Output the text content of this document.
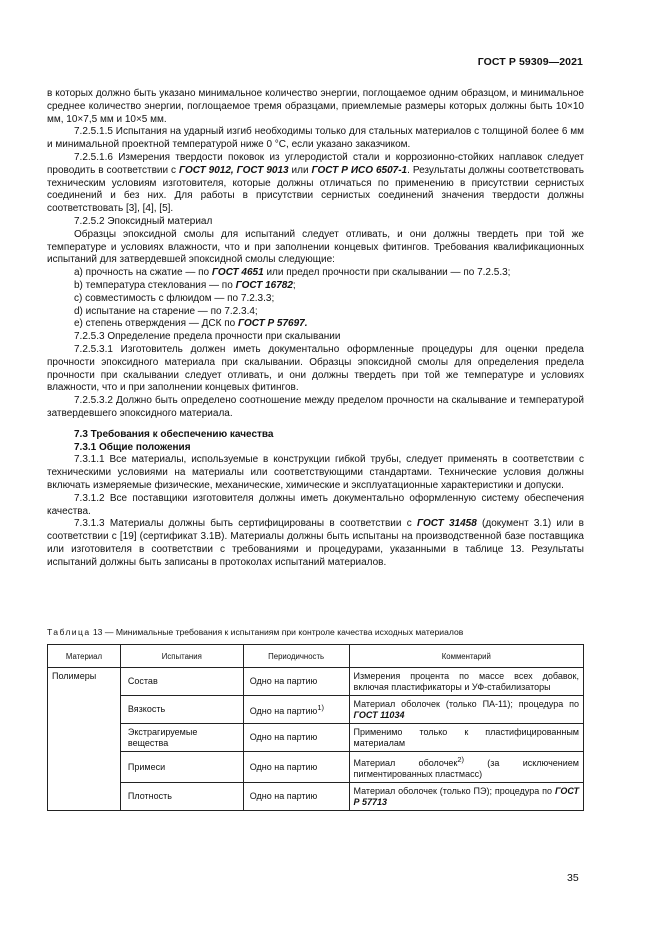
ГОСТ Р 59309—2021

в которых должно быть указано минимальное количество энергии, поглощаемое одним образцом, и минимальное среднее количество энергии, поглощаемое тремя образцами, приемлемые размеры которых должны быть 10×10 мм, 10×7,5 мм и 10×5 мм.

7.2.5.1.5 Испытания на ударный изгиб необходимы только для стальных материалов с толщиной более 6 мм и минимальной проектной температурой ниже 0 °С, если указано заказчиком.

7.2.5.1.6 Измерения твердости поковок из углеродистой стали и коррозионно-стойких наплавок следует проводить в соответствии с ГОСТ 9012, ГОСТ 9013 или ГОСТ Р ИСО 6507-1. Результаты должны соответствовать техническим условиям изготовителя, которые должны отличаться по применению в присутствии сернистых соединений и без них. Для работы в присутствии сернистых соединений значения твердости должны соответствовать [3], [4], [5].

7.2.5.2 Эпоксидный материал

Образцы эпоксидной смолы для испытаний следует отливать, и они должны твердеть при той же температуре и условиях влажности, что и при заполнении концевых фитингов. Требования квалификационных испытаний для затвердевшей эпоксидной смолы следующие:

а) прочность на сжатие — по ГОСТ 4651 или предел прочности при скалывании — по 7.2.5.3;

b) температура стеклования — по ГОСТ 16782;

c) совместимость с флюидом — по 7.2.3.3;

d) испытание на старение — по 7.2.3.4;

e) степень отверждения — ДСК по ГОСТ Р 57697.

7.2.5.3 Определение предела прочности при скалывании

7.2.5.3.1 Изготовитель должен иметь документально оформленные процедуры для оценки предела прочности эпоксидного материала при скалывании. Образцы эпоксидной смолы для определения предела прочности при скалывании следует отливать, и они должны твердеть при той же температуре и условиях влажности, что и при заполнении концевых фитингов.

7.2.5.3.2 Должно быть определено соотношение между пределом прочности на скалывание и температурой затвердевшего эпоксидного материала.

7.3 Требования к обеспечению качества

7.3.1 Общие положения

7.3.1.1 Все материалы, используемые в конструкции гибкой трубы, следует применять в соответствии с техническими условиями на материалы или соответствующими стандартами. Технические условия должны включать измеряемые физические, механические, химические и эксплуатационные характеристики и допуски.

7.3.1.2 Все поставщики изготовителя должны иметь документально оформленную систему обеспечения качества.

7.3.1.3 Материалы должны быть сертифицированы в соответствии с ГОСТ 31458 (документ 3.1) или в соответствии с [19] (сертификат 3.1В). Материалы должны быть испытаны на производственной базе поставщика или изготовителя в соответствии с требованиями и процедурами, указанными в таблице 13. Результаты испытаний должны быть записаны в протоколах испытаний материалов.

Таблица 13 — Минимальные требования к испытаниям при контроле качества исходных материалов
Материал	Испытания	Периодичность	Комментарий
Полимеры	Состав	Одно на партию	Измерения процента по массе всех добавок, включая пластификаторы и УФ-стабилизаторы
	Вязкость	Одно на партию$^{1)}$	Материал оболочек (только ПА-11); процедура по ГОСТ 11034
	Экстрагируемые вещества	Одно на партию	Применимо только к пластифицированным материалам
	Примеси	Одно на партию	Материал оболочек$^{2)}$ (за исключением пигментированных пластмасс)
	Плотность	Одно на партию	Материал оболочек (только ПЭ); процедура по ГОСТ Р 57713
35
